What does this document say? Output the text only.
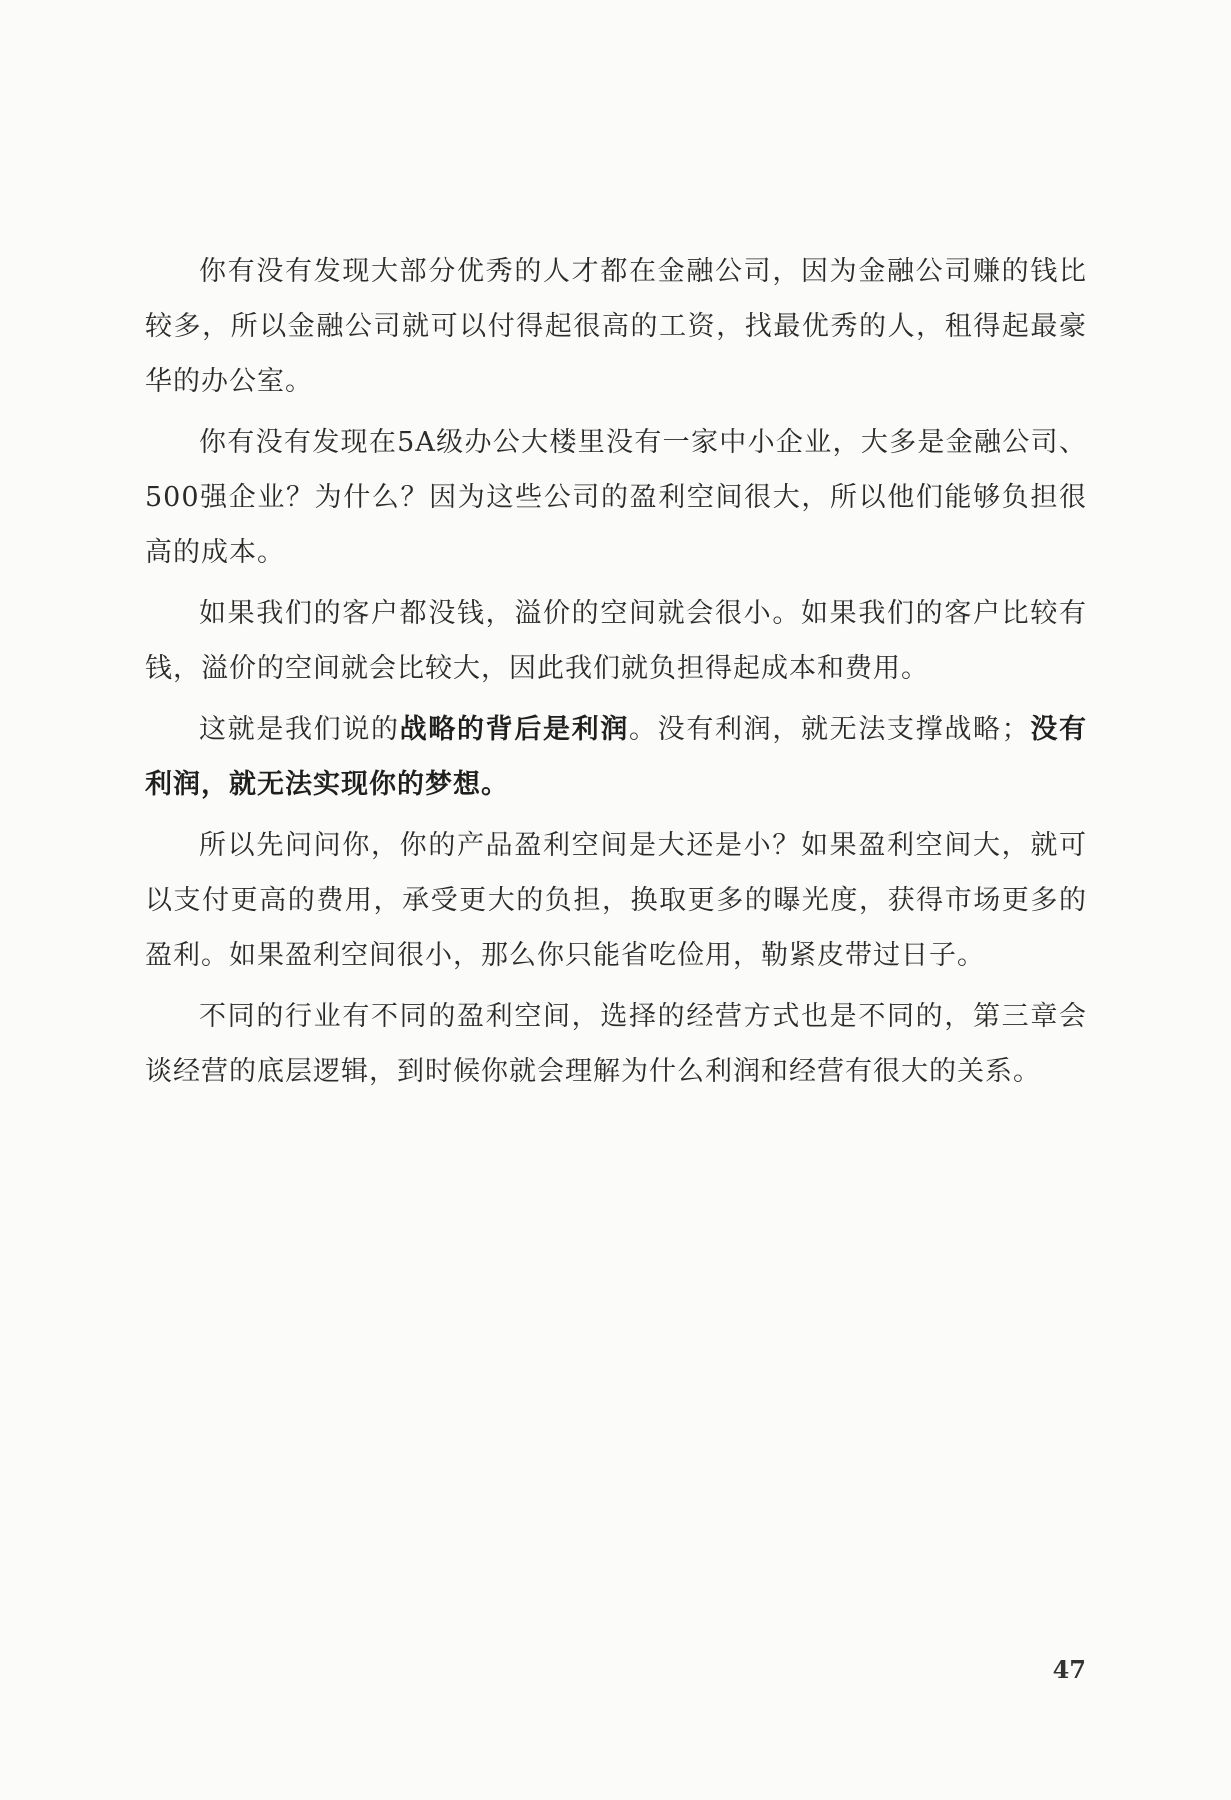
你有没有发现大部分优秀的人才都在金融公司，因为金融公司赚的钱比较多，所以金融公司就可以付得起很高的工资，找最优秀的人，租得起最豪华的办公室。

你有没有发现在5A级办公大楼里没有一家中小企业，大多是金融公司、500强企业？为什么？因为这些公司的盈利空间很大，所以他们能够负担很高的成本。

如果我们的客户都没钱，溢价的空间就会很小。如果我们的客户比较有钱，溢价的空间就会比较大，因此我们就负担得起成本和费用。

这就是我们说的战略的背后是利润。没有利润，就无法支撑战略；没有利润，就无法实现你的梦想。

所以先问问你，你的产品盈利空间是大还是小？如果盈利空间大，就可以支付更高的费用，承受更大的负担，换取更多的曝光度，获得市场更多的盈利。如果盈利空间很小，那么你只能省吃俭用，勒紧皮带过日子。

不同的行业有不同的盈利空间，选择的经营方式也是不同的，第三章会谈经营的底层逻辑，到时候你就会理解为什么利润和经营有很大的关系。

47
